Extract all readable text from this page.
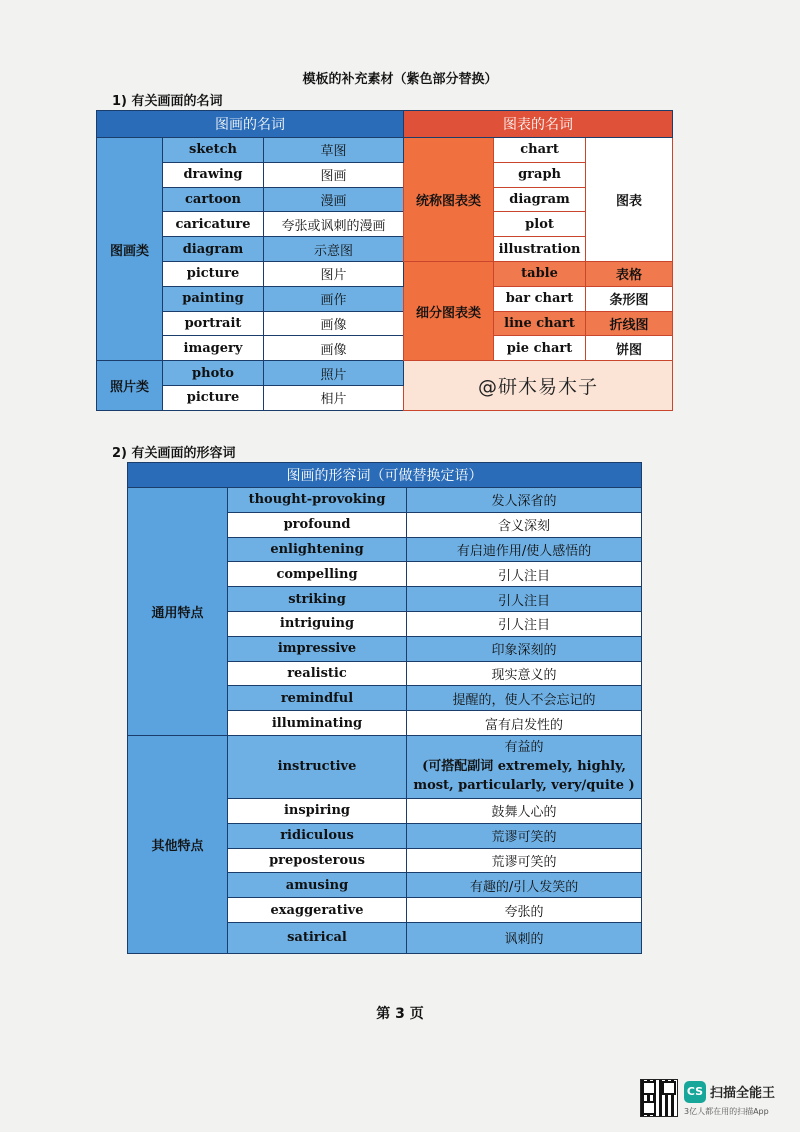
模板的补充素材（紫色部分替换）
1) 有关画面的名词
图画的名词			图表的名词		
图画类	sketch	草图	统称图表类	chart	图表
	drawing	图画		graph	
	cartoon	漫画		diagram	
	caricature	夸张或讽刺的漫画		plot	
	diagram	示意图		illustration	
	picture	图片	细分图表类	table	表格
	painting	画作		bar chart	条形图
	portrait	画像		line chart	折线图
	imagery	画像		pie chart	饼图
照片类	photo	照片	@研木易木子		
	picture	相片			
2) 有关画面的形容词
图画的形容词（可做替换定语）		
通用特点	thought-provoking	发人深省的
	profound	含义深刻
	enlightening	有启迪作用/使人感悟的
	compelling	引人注目
	striking	引人注目
	intriguing	引人注目
	impressive	印象深刻的
	realistic	现实意义的
	remindful	提醒的，使人不会忘记的
	illuminating	富有启发性的
其他特点	instructive	有益的
(可搭配副词 extremely, highly,
most, particularly, very/quite )

	inspiring	鼓舞人心的
	ridiculous	荒谬可笑的
	preposterous	荒谬可笑的
	amusing	有趣的/引人发笑的
	exaggerative	夸张的
	satirical	讽刺的
第 3 页
CS 扫描全能王
3亿人都在用的扫描App
